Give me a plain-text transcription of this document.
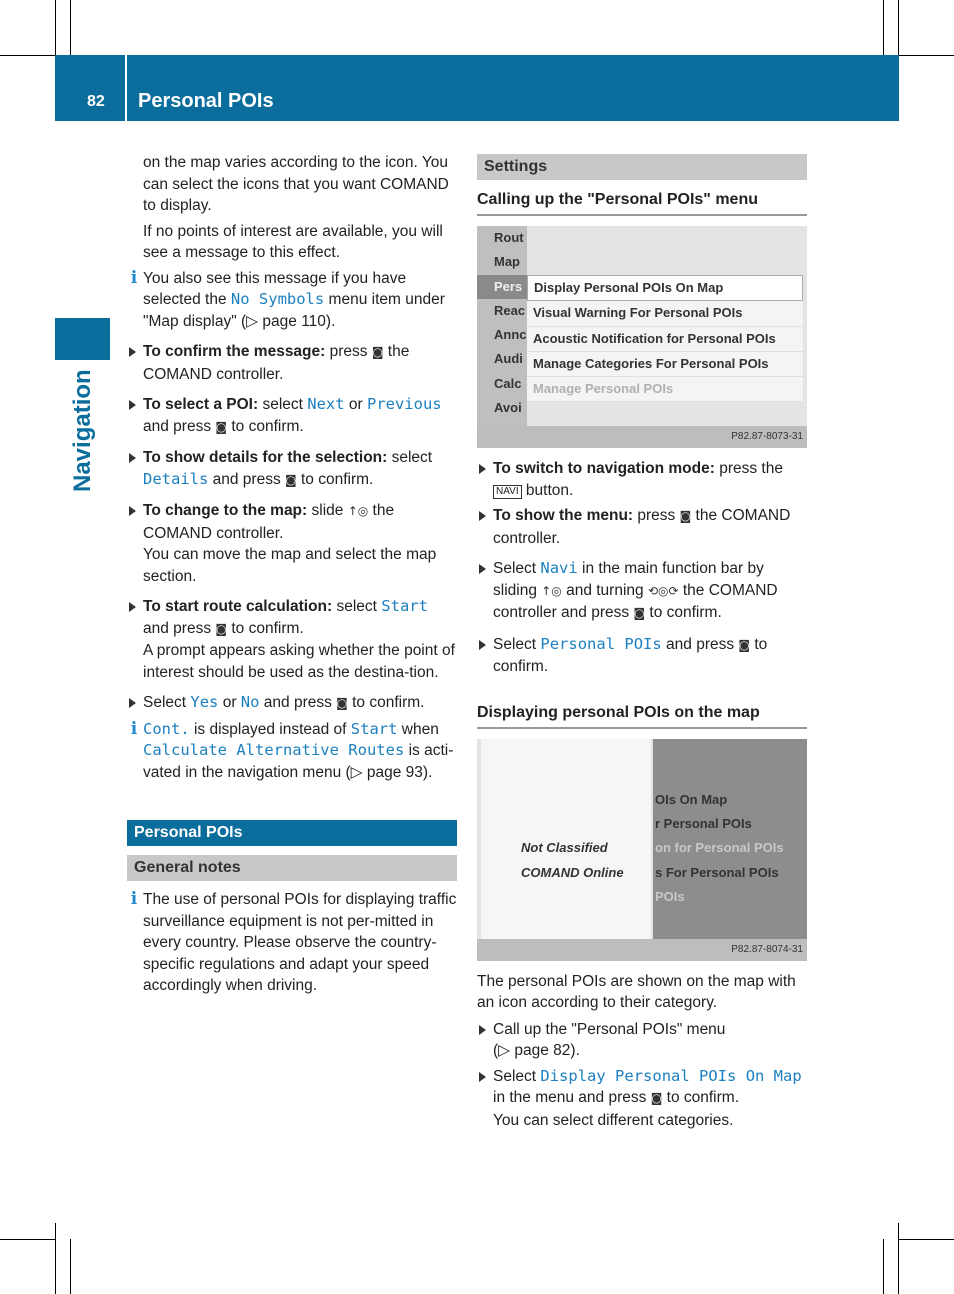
82 Personal POIs
Navigation

on the map varies according to the icon. You can select the icons that you want COMAND to display.

If no points of interest are available, you will see a message to this effect.

i You also see this message if you have selected the No Symbols menu item under "Map display" (▷ page 110).
To confirm the message: press ◙ the COMAND controller.
To select a POI: select Next or Previous and press ◙ to confirm.
To show details for the selection: select Details and press ◙ to confirm.
To change to the map: slide ↑◎ the COMAND controller.

You can move the map and select the map section.

To start route calculation: select Start and press ◙ to confirm.

A prompt appears asking whether the point of interest should be used as the destina-tion.

Select Yes or No and press ◙ to confirm.
i Cont. is displayed instead of Start when Calculate Alternative Routes is acti-vated in the navigation menu (▷ page 93).
Personal POIs
General notes
i The use of personal POIs for displaying traffic surveillance equipment is not per-mitted in every country. Please observe the country-specific regulations and adapt your speed accordingly when driving.
Settings
Calling up the "Personal POIs" menu
Rout
Map
Pers
Reac
Annc
Audi
Calc
Avoi
Display Personal POIs On Map
Visual Warning For Personal POIs
Acoustic Notification for Personal POIs
Manage Categories For Personal POIs
Manage Personal POIs
P82.87-8073-31
To switch to navigation mode: press the NAVI button.
To show the menu: press ◙ the COMAND controller.
Select Navi in the main function bar by sliding ↑◎ and turning ⟲◎⟳ the COMAND controller and press ◙ to confirm.
Select Personal POIs and press ◙ to confirm.
Displaying personal POIs on the map
Not Classified
COMAND Online
OIs On Map
r Personal POIs
on for Personal POIs
s For Personal POIs
POIs
P82.87-8074-31

The personal POIs are shown on the map with an icon according to their category.

Call up the "Personal POIs" menu

(▷ page 82).

Select Display Personal POIs On Map in the menu and press ◙ to confirm.

You can select different categories.
